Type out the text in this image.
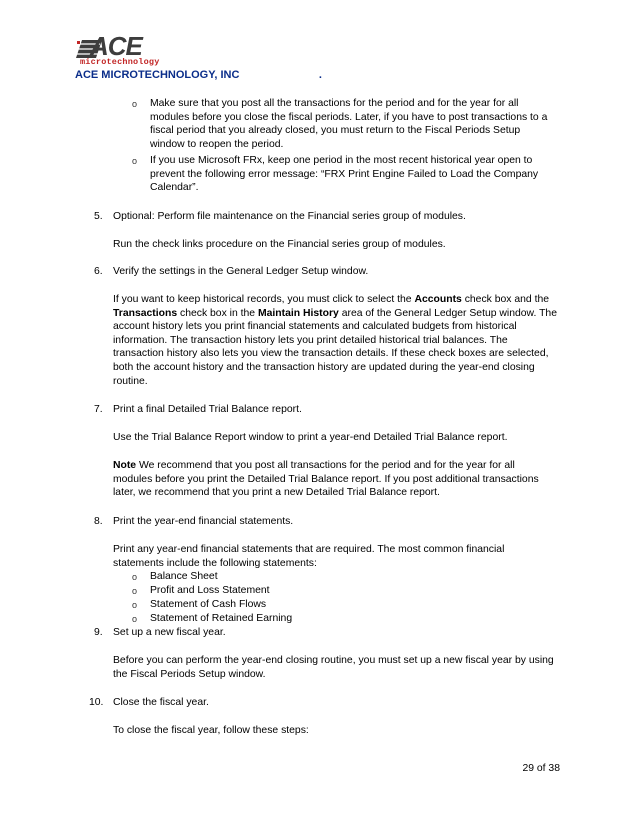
ACE
microtechnology
ACE MICROTECHNOLOGY, INC                          .
o Make sure that you post all the transactions for the period and for the year for all
modules before you close the fiscal periods. Later, if you have to post transactions to a
fiscal period that you already closed, you must return to the Fiscal Periods Setup
window to reopen the period.
o If you use Microsoft FRx, keep one period in the most recent historical year open to
prevent the following error message: “FRX Print Engine Failed to Load the Company
Calendar”.
5. Optional: Perform file maintenance on the Financial series group of modules.
Run the check links procedure on the Financial series group of modules.
6. Verify the settings in the General Ledger Setup window.
If you want to keep historical records, you must click to select the Accounts check box and the
Transactions check box in the Maintain History area of the General Ledger Setup window. The
account history lets you print financial statements and calculated budgets from historical
information. The transaction history lets you print detailed historical trial balances. The
transaction history also lets you view the transaction details. If these check boxes are selected,
both the account history and the transaction history are updated during the year-end closing
routine.
7. Print a final Detailed Trial Balance report.
Use the Trial Balance Report window to print a year-end Detailed Trial Balance report.
Note We recommend that you post all transactions for the period and for the year for all
modules before you print the Detailed Trial Balance report. If you post additional transactions
later, we recommend that you print a new Detailed Trial Balance report.
8. Print the year-end financial statements.
Print any year-end financial statements that are required. The most common financial
statements include the following statements:
o Balance Sheet
o Profit and Loss Statement
o Statement of Cash Flows
o Statement of Retained Earning
9. Set up a new fiscal year.
Before you can perform the year-end closing routine, you must set up a new fiscal year by using
the Fiscal Periods Setup window.
10. Close the fiscal year.
To close the fiscal year, follow these steps:
29 of 38
